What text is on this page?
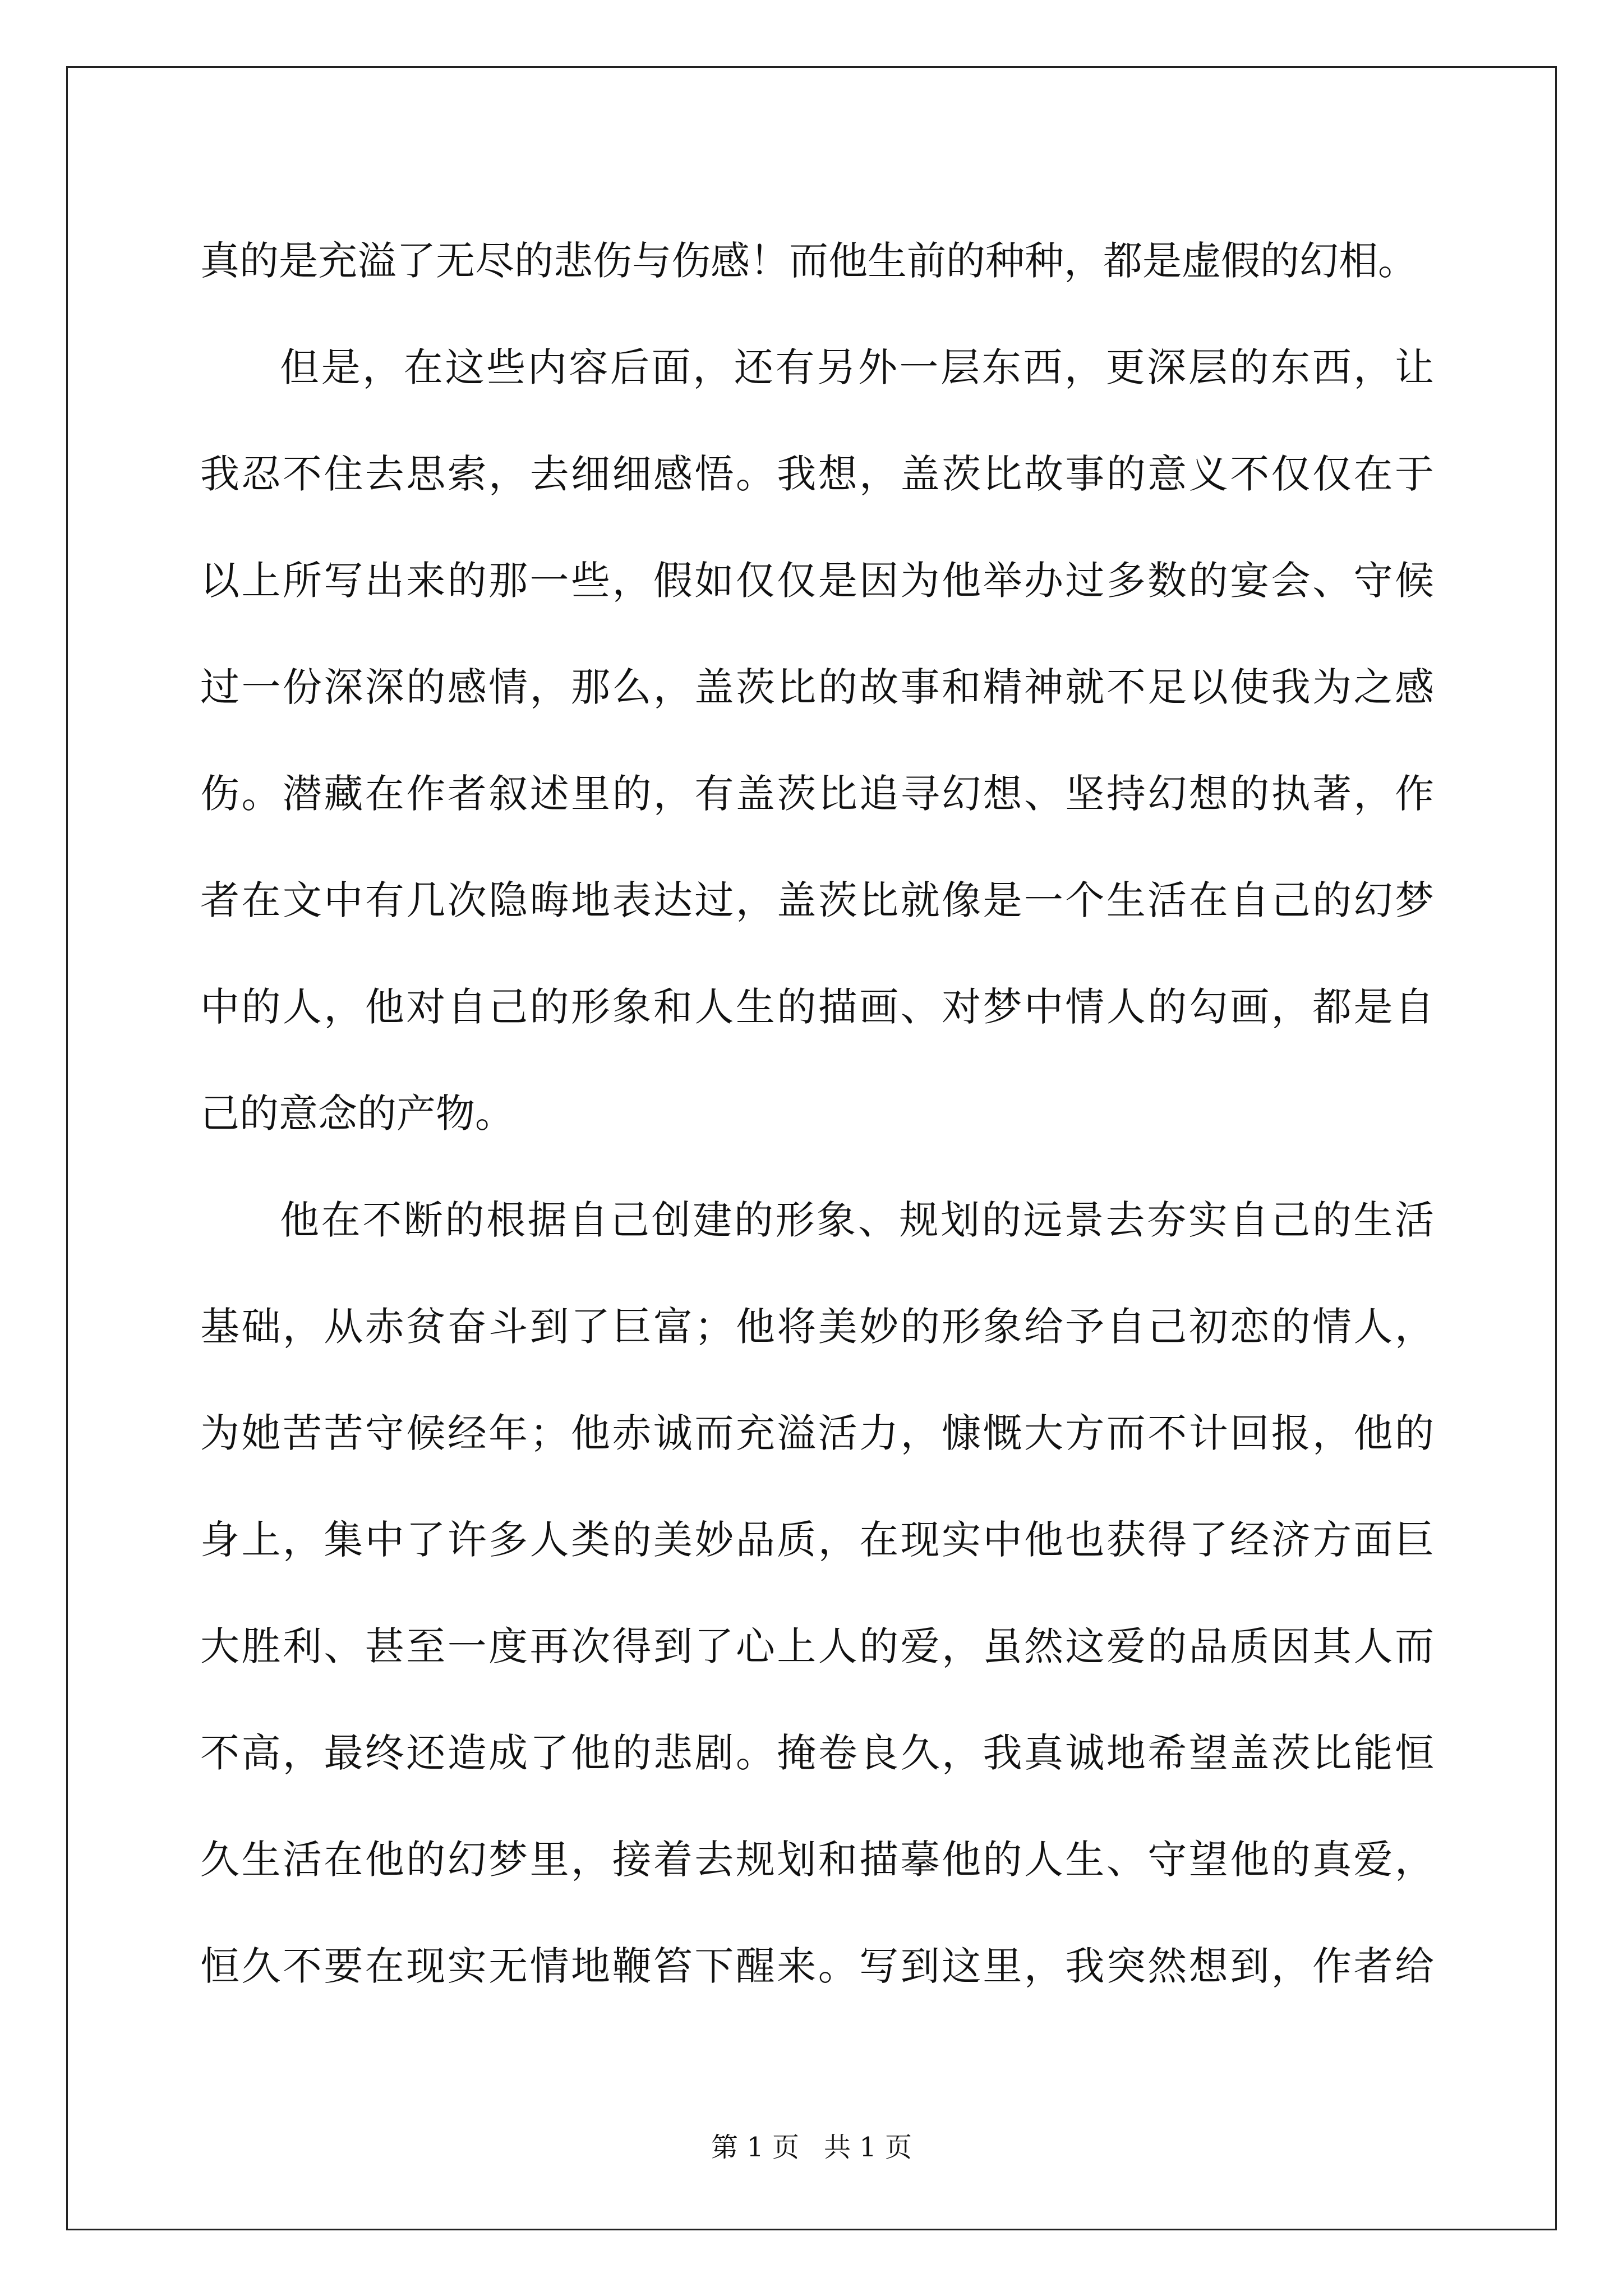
真的是充溢了无尽的悲伤与伤感！而他生前的种种，都是虚假的幻相。
但是，在这些内容后面，还有另外一层东西，更深层的东西，让
我忍不住去思索，去细细感悟。我想，盖茨比故事的意义不仅仅在于
以上所写出来的那一些，假如仅仅是因为他举办过多数的宴会、守候
过一份深深的感情，那么，盖茨比的故事和精神就不足以使我为之感
伤。潜藏在作者叙述里的，有盖茨比追寻幻想、坚持幻想的执著，作
者在文中有几次隐晦地表达过，盖茨比就像是一个生活在自己的幻梦
中的人，他对自己的形象和人生的描画、对梦中情人的勾画，都是自
己的意念的产物。
他在不断的根据自己创建的形象、规划的远景去夯实自己的生活
基础，从赤贫奋斗到了巨富；他将美妙的形象给予自己初恋的情人，
为她苦苦守候经年；他赤诚而充溢活力，慷慨大方而不计回报，他的
身上，集中了许多人类的美妙品质，在现实中他也获得了经济方面巨
大胜利、甚至一度再次得到了心上人的爱，虽然这爱的品质因其人而
不高，最终还造成了他的悲剧。掩卷良久，我真诚地希望盖茨比能恒
久生活在他的幻梦里，接着去规划和描摹他的人生、守望他的真爱，
恒久不要在现实无情地鞭笞下醒来。写到这里，我突然想到，作者给
第 1 页 共 1 页
